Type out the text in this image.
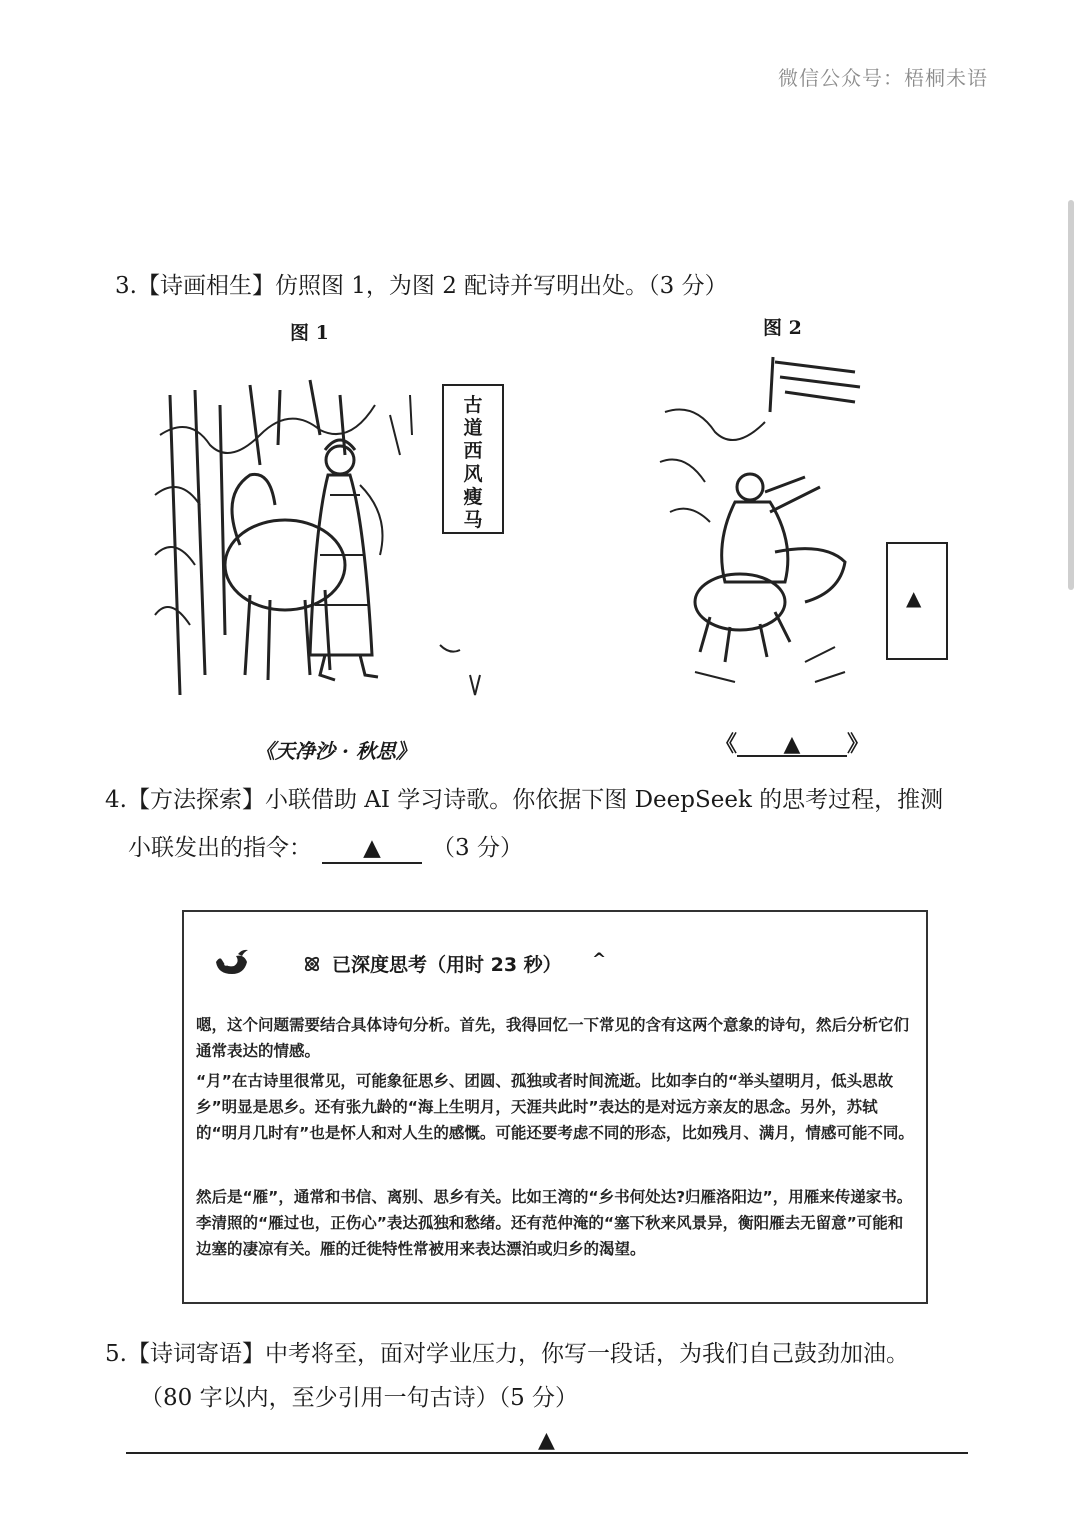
微信公众号：梧桐未语
3.【诗画相生】仿照图 1，为图 2 配诗并写明出处。（3 分）
图 1	图 2
古
道
西
风
瘦
马
▲
《天净沙 · 秋思》	《 ▲ 》
4.【方法探索】小联借助 AI 学习诗歌。你依据下图 DeepSeek 的思考过程，推测
小联发出的指令： ▲ （3 分）
已深度思考（用时 23 秒） ^
嗯，这个问题需要结合具体诗句分析。首先，我得回忆一下常见的含有这两个意象的诗句，然后分析它们通常表达的情感。
“月”在古诗里很常见，可能象征思乡、团圆、孤独或者时间流逝。比如李白的“举头望明月，低头思故乡”明显是思乡。还有张九龄的“海上生明月，天涯共此时”表达的是对远方亲友的思念。另外，苏轼的“明月几时有”也是怀人和对人生的感慨。可能还要考虑不同的形态，比如残月、满月，情感可能不同。
然后是“雁”，通常和书信、离别、思乡有关。比如王湾的“乡书何处达?归雁洛阳边”，用雁来传递家书。李清照的“雁过也，正伤心”表达孤独和愁绪。还有范仲淹的“塞下秋来风景异，衡阳雁去无留意”可能和边塞的凄凉有关。雁的迁徙特性常被用来表达漂泊或归乡的渴望。
5.【诗词寄语】中考将至，面对学业压力，你写一段话，为我们自己鼓劲加油。
（80 字以内，至少引用一句古诗）（5 分）
▲
